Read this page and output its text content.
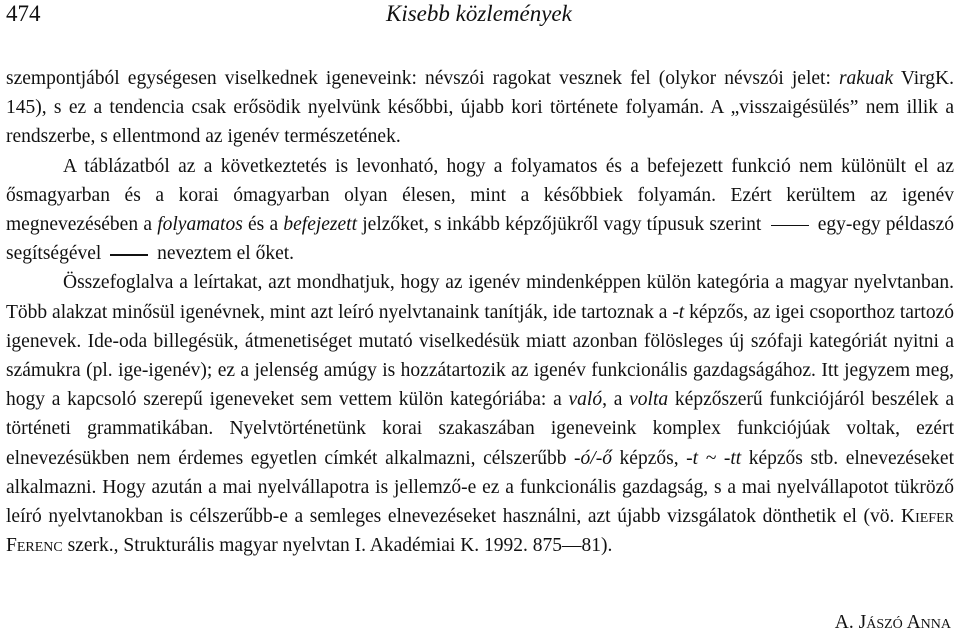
474	Kisebb közlemények

szempontjából egységesen viselkednek igeneveink: névszói ragokat vesznek fel (olykor névszói jelet: rakuak VirgK. 145), s ez a tendencia csak erősödik nyelvünk későbbi, újabb kori története folyamán. A „visszaigésülés” nem illik a rendszerbe, s ellentmond az igenév természetének.

A táblázatból az a következtetés is levonható, hogy a folyamatos és a befejezett funkció nem különült el az ősmagyarban és a korai ómagyarban olyan élesen, mint a későbbiek folyamán. Ezért kerültem az igenév megnevezésében a folyamatos és a befejezett jelzőket, s inkább képzőjükről vagy típusuk szerint	egy-egy példaszó segítségével	neveztem el őket.

Összefoglalva a leírtakat, azt mondhatjuk, hogy az igenév mindenképpen külön kategória a magyar nyelvtanban. Több alakzat minősül igenévnek, mint azt leíró nyelvtanaink tanítják, ide tartoznak a -t képzős, az igei csoporthoz tartozó igenevek. Ide-oda billegésük, átmenetiséget mutató viselkedésük miatt azonban fölösleges új szófaji kategóriát nyitni a számukra (pl. ige-igenév); ez a jelenség amúgy is hozzátartozik az igenév funkcionális gazdagságához. Itt jegyzem meg, hogy a kapcsoló szerepű igeneveket sem vettem külön kategóriába: a való, a volta képzőszerű funkciójáról beszélek a történeti grammatikában. Nyelvtörténetünk korai szakaszában igeneveink komplex funkciójúak voltak, ezért elnevezésükben nem érdemes egyetlen címkét alkalmazni, célszerűbb -ó/-ő képzős, -t ~ -tt képzős stb. elnevezéseket alkalmazni. Hogy azután a mai nyelvállapotra is jellemző-e ez a funkcionális gazdagság, s a mai nyelvállapotot tükröző leíró nyelvtanokban is célszerűbb-e a semleges elnevezéseket használni, azt újabb vizsgálatok dönthetik el (vö. Kiefer Ferenc szerk., Strukturális magyar nyelvtan I. Akadémiai K. 1992. 875—81).

A. Jászó Anna
